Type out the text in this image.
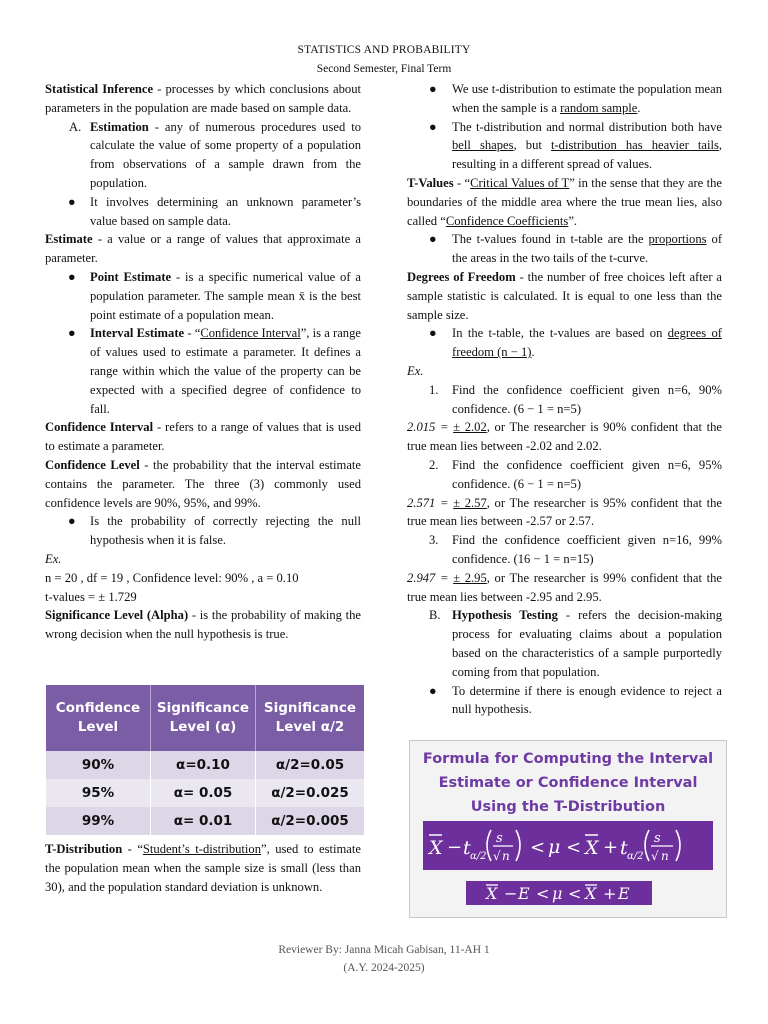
STATISTICS AND PROBABILITY
Second Semester, Final Term

Statistical Inference - processes by which conclusions about parameters in the population are made based on sample data.

A. Estimation - any of numerous procedures used to calculate the value of some property of a population from observations of a sample drawn from the population.

● It involves determining an unknown parameter’s value based on sample data.

Estimate - a value or a range of values that approximate a parameter.

● Point Estimate - is a specific numerical value of a population parameter. The sample mean x̄ is the best point estimate of a population mean.

● Interval Estimate - “Confidence Interval”, is a range of values used to estimate a parameter. It defines a range within which the value of the property can be expected with a specified degree of confidence to fall.

Confidence Interval - refers to a range of values that is used to estimate a parameter.

Confidence Level - the probability that the interval estimate contains the parameter. The three (3) commonly used confidence levels are 90%, 95%, and 99%.

● Is the probability of correctly rejecting the null hypothesis when it is false.

Ex.

n = 20 , df = 19 , Confidence level: 90% , a = 0.10

t-values = ± 1.729

Significance Level (Alpha) - is the probability of making the wrong decision when the null hypothesis is true.

Confidence Level	Significance Level (α)	Significance Level α/2
90%	α=0.10	α/2=0.05
95%	α= 0.05	α/2=0.025
99%	α= 0.01	α/2=0.005

T-Distribution - “Student’s t-distribution”, used to estimate the population mean when the sample size is small (less than 30), and the population standard deviation is unknown.

● We use t-distribution to estimate the population mean when the sample is a random sample.

● The t-distribution and normal distribution both have bell shapes, but t-distribution has heavier tails, resulting in a different spread of values.

T-Values - “Critical Values of T” in the sense that they are the boundaries of the middle area where the true mean lies, also called “Confidence Coefficients”.

● The t-values found in t-table are the proportions of the areas in the two tails of the t-curve.

Degrees of Freedom - the number of free choices left after a sample statistic is calculated. It is equal to one less than the sample size.

● In the t-table, the t-values are based on degrees of freedom (n − 1).

Ex.

1. Find the confidence coefficient given n=6, 90% confidence. (6 − 1 = n=5)

2.015 = ± 2.02, or The researcher is 90% confident that the true mean lies between -2.02 and 2.02.

2. Find the confidence coefficient given n=6, 95% confidence. (6 − 1 = n=5)

2.571 = ± 2.57, or The researcher is 95% confident that the true mean lies between -2.57 or 2.57.

3. Find the confidence coefficient given n=16, 99% confidence. (16 − 1 = n=15)

2.947 = ± 2.95, or The researcher is 99% confident that the true mean lies between -2.95 and 2.95.

B. Hypothesis Testing - refers the decision-making process for evaluating claims about a population based on the characteristics of a sample purportedly coming from that population.

● To determine if there is enough evidence to reject a null hypothesis.

Formula for Computing the Interval
Estimate or Confidence Interval
Using the T-Distribution
X − t α/2
s
√ n < μ < X + t α/2
s
√ n
X − E < μ < X + E
Reviewer By: Janna Micah Gabisan, 11-AH 1
(A.Y. 2024-2025)
